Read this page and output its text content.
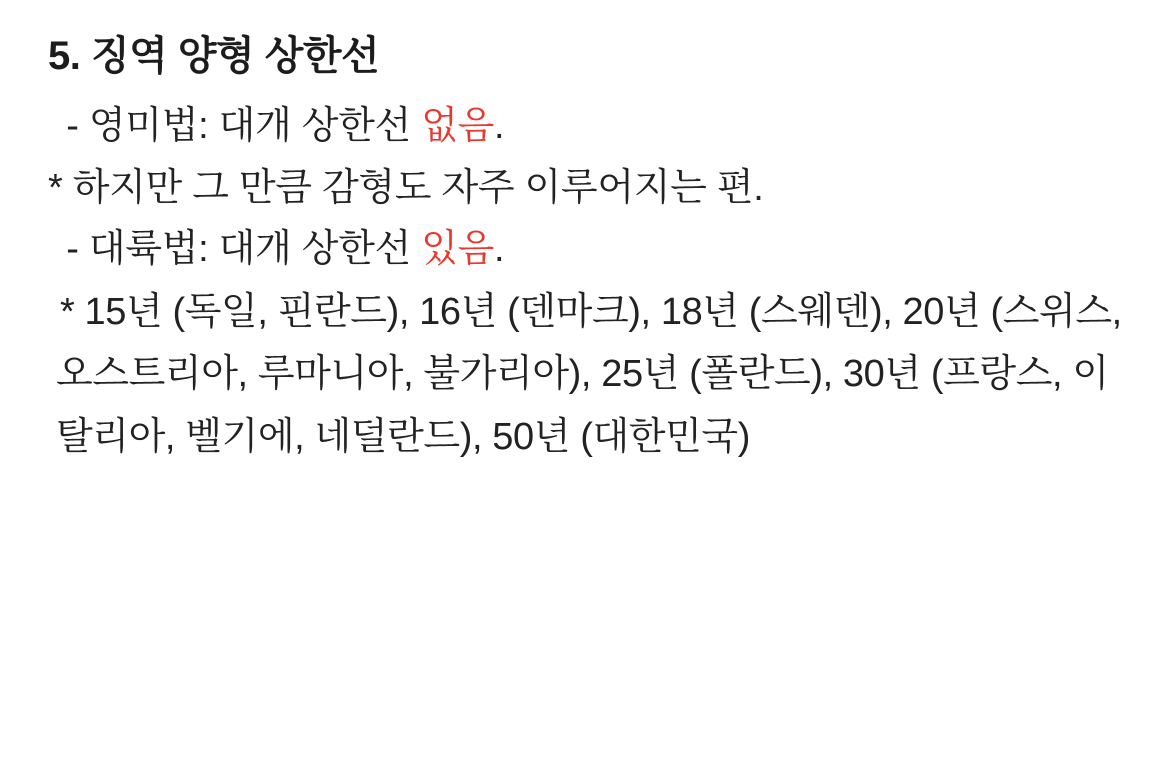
5. 징역 양형 상한선

- 영미법: 대개 상한선 없음.

* 하지만 그 만큼 감형도 자주 이루어지는 편.

- 대륙법: 대개 상한선 있음.

* 15년 (독일, 핀란드), 16년 (덴마크), 18년 (스웨덴), 20년 (스위스, 오스트리아, 루마니아, 불가리아), 25년 (폴란드), 30년 (프랑스, 이탈리아, 벨기에, 네덜란드), 50년 (대한민국)
